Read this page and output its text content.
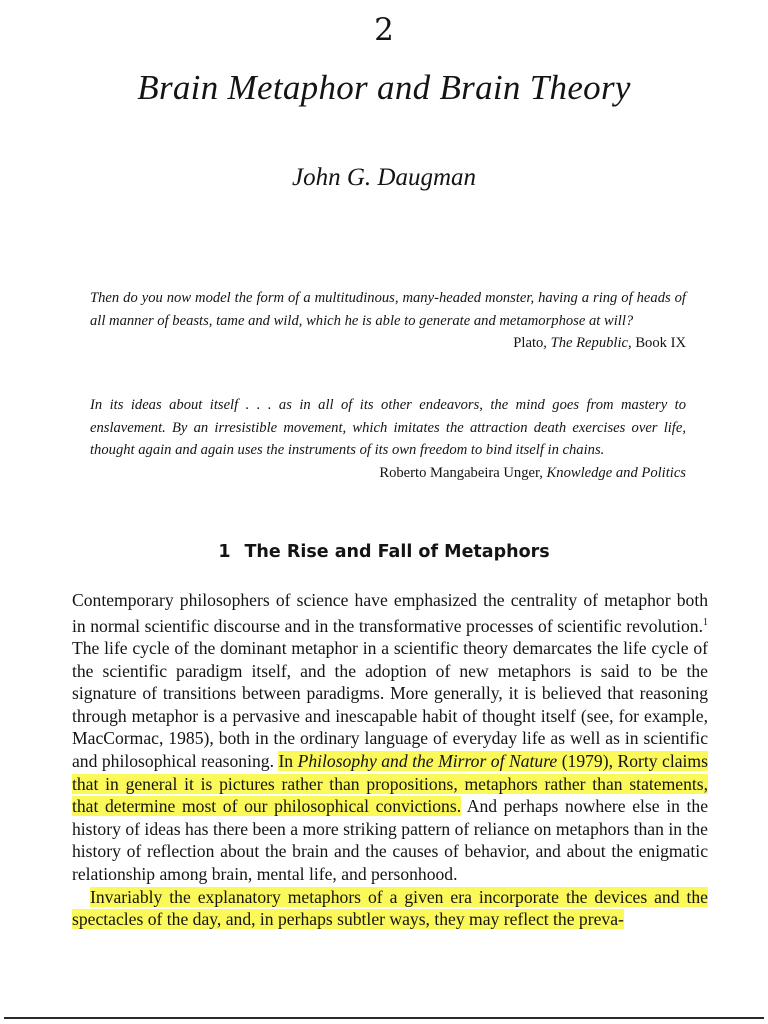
2
Brain Metaphor and Brain Theory
John G. Daugman

Then do you now model the form of a multitudinous, many-headed monster, having a ring of heads of all manner of beasts, tame and wild, which he is able to generate and metamorphose at will?

Plato, The Republic, Book IX

In its ideas about itself . . . as in all of its other endeavors, the mind goes from mastery to enslavement. By an irresistible movement, which imitates the attraction death exercises over life, thought again and again uses the instruments of its own freedom to bind itself in chains.

Roberto Mangabeira Unger, Knowledge and Politics

1 The Rise and Fall of Metaphors

Contemporary philosophers of science have emphasized the centrality of metaphor both in normal scientific discourse and in the transformative processes of scientific revolution.$^1$ The life cycle of the dominant metaphor in a scientific theory demarcates the life cycle of the scientific paradigm itself, and the adoption of new metaphors is said to be the signature of transitions between paradigms. More generally, it is believed that reasoning through metaphor is a pervasive and inescapable habit of thought itself (see, for example, MacCormac, 1985), both in the ordinary language of everyday life as well as in scientific and philosophical reasoning. In Philosophy and the Mirror of Nature (1979), Rorty claims that in general it is pictures rather than propositions, metaphors rather than statements, that determine most of our philosophical convictions. And perhaps nowhere else in the history of ideas has there been a more striking pattern of reliance on metaphors than in the history of reflection about the brain and the causes of behavior, and about the enigmatic relationship among brain, mental life, and personhood.

Invariably the explanatory metaphors of a given era incorporate the devices and the spectacles of the day, and, in perhaps subtler ways, they may reflect the preva-
